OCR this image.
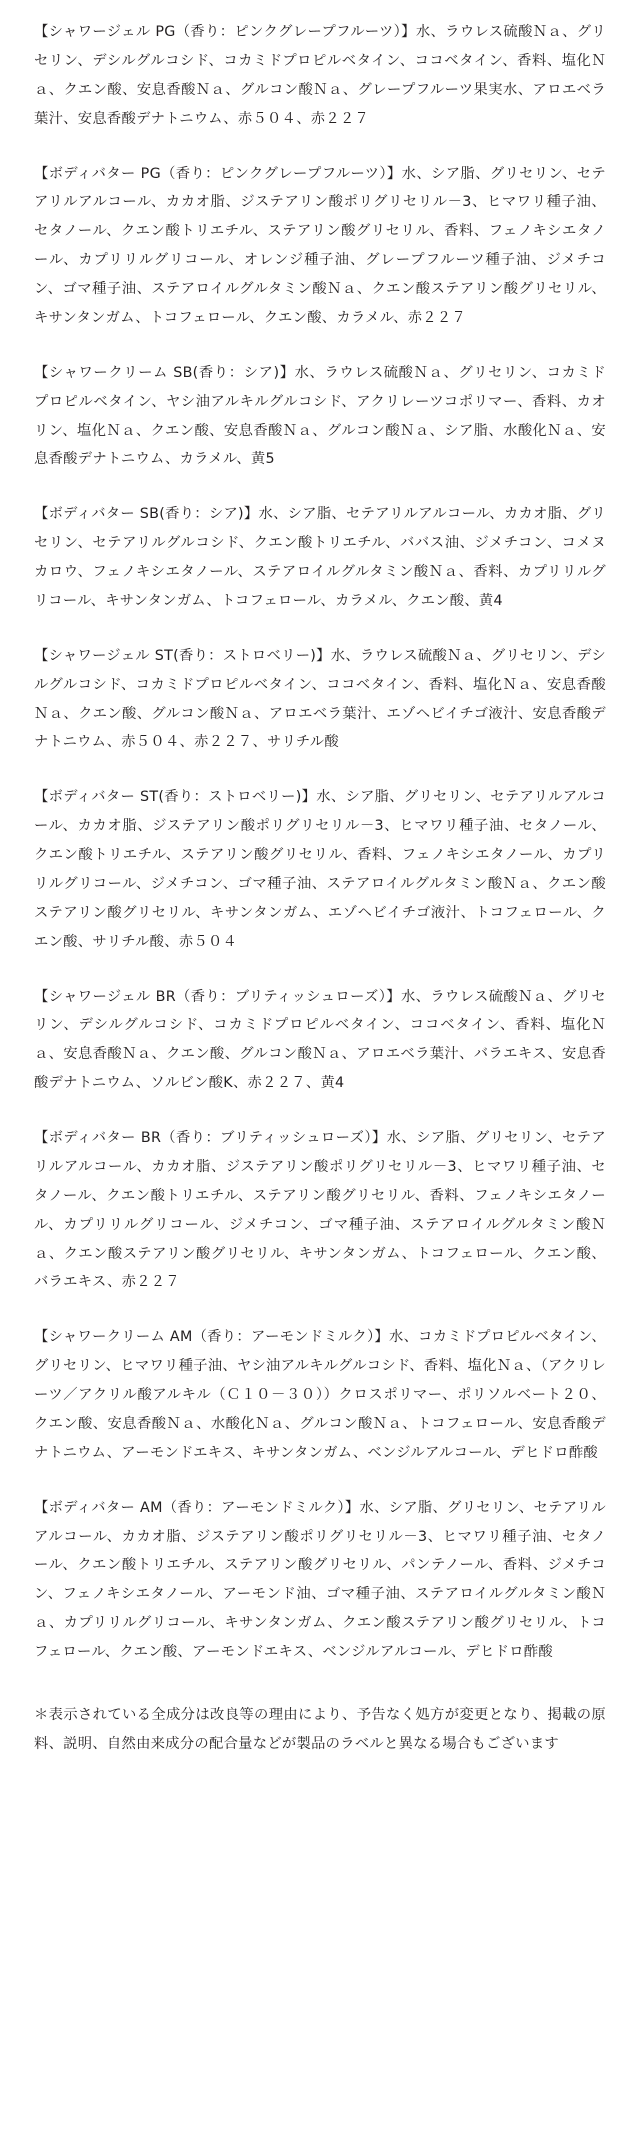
【シャワージェル PG（香り：ピンクグレープフルーツ）】水、ラウレス硫酸Ｎａ、グリセリン、デシルグルコシド、コカミドプロピルベタイン、ココベタイン、香料、塩化Ｎａ、クエン酸、安息香酸Ｎａ、グルコン酸Ｎａ、グレープフルーツ果実水、アロエベラ葉汁、安息香酸デナトニウム、赤５０４、赤２２７

【ボディバター PG（香り：ピンクグレープフルーツ）】水、シア脂、グリセリン、セテアリルアルコール、カカオ脂、ジステアリン酸ポリグリセリル－3、ヒマワリ種子油、セタノール、クエン酸トリエチル、ステアリン酸グリセリル、香料、フェノキシエタノール、カプリリルグリコール、オレンジ種子油、グレープフルーツ種子油、ジメチコン、ゴマ種子油、ステアロイルグルタミン酸Ｎａ、クエン酸ステアリン酸グリセリル、キサンタンガム、トコフェロール、クエン酸、カラメル、赤２２７

【シャワークリーム SB(香り：シア)】水、ラウレス硫酸Ｎａ、グリセリン、コカミドプロピルベタイン、ヤシ油アルキルグルコシド、アクリレーツコポリマー、香料、カオリン、塩化Ｎａ、クエン酸、安息香酸Ｎａ、グルコン酸Ｎａ、シア脂、水酸化Ｎａ、安息香酸デナトニウム、カラメル、黄5

【ボディバター SB(香り：シア)】水、シア脂、セテアリルアルコール、カカオ脂、グリセリン、セテアリルグルコシド、クエン酸トリエチル、ババス油、ジメチコン、コメヌカロウ、フェノキシエタノール、ステアロイルグルタミン酸Ｎａ、香料、カプリリルグリコール、キサンタンガム、トコフェロール、カラメル、クエン酸、黄4

【シャワージェル ST(香り：ストロベリー)】水、ラウレス硫酸Ｎａ、グリセリン、デシルグルコシド、コカミドプロピルベタイン、ココベタイン、香料、塩化Ｎａ、安息香酸Ｎａ、クエン酸、グルコン酸Ｎａ、アロエベラ葉汁、エゾヘビイチゴ液汁、安息香酸デナトニウム、赤５０４、赤２２７、サリチル酸

【ボディバター ST(香り：ストロベリー)】水、シア脂、グリセリン、セテアリルアルコール、カカオ脂、ジステアリン酸ポリグリセリル－3、ヒマワリ種子油、セタノール、クエン酸トリエチル、ステアリン酸グリセリル、香料、フェノキシエタノール、カプリリルグリコール、ジメチコン、ゴマ種子油、ステアロイルグルタミン酸Ｎａ、クエン酸ステアリン酸グリセリル、キサンタンガム、エゾヘビイチゴ液汁、トコフェロール、クエン酸、サリチル酸、赤５０４

【シャワージェル BR（香り：ブリティッシュローズ）】水、ラウレス硫酸Ｎａ、グリセリン、デシルグルコシド、コカミドプロピルベタイン、ココベタイン、香料、塩化Ｎａ、安息香酸Ｎａ、クエン酸、グルコン酸Ｎａ、アロエベラ葉汁、バラエキス、安息香酸デナトニウム、ソルビン酸K、赤２２７、黄4

【ボディバター BR（香り：ブリティッシュローズ）】水、シア脂、グリセリン、セテアリルアルコール、カカオ脂、ジステアリン酸ポリグリセリル－3、ヒマワリ種子油、セタノール、クエン酸トリエチル、ステアリン酸グリセリル、香料、フェノキシエタノール、カプリリルグリコール、ジメチコン、ゴマ種子油、ステアロイルグルタミン酸Ｎａ、クエン酸ステアリン酸グリセリル、キサンタンガム、トコフェロール、クエン酸、バラエキス、赤２２７

【シャワークリーム AM（香り：アーモンドミルク）】水、コカミドプロピルベタイン、グリセリン、ヒマワリ種子油、ヤシ油アルキルグルコシド、香料、塩化Ｎａ、（アクリレーツ／アクリル酸アルキル（Ｃ１０－３０））クロスポリマー、ポリソルベート２０、クエン酸、安息香酸Ｎａ、水酸化Ｎａ、グルコン酸Ｎａ、トコフェロール、安息香酸デナトニウム、アーモンドエキス、キサンタンガム、ベンジルアルコール、デヒドロ酢酸

【ボディバター AM（香り：アーモンドミルク）】水、シア脂、グリセリン、セテアリルアルコール、カカオ脂、ジステアリン酸ポリグリセリル－3、ヒマワリ種子油、セタノール、クエン酸トリエチル、ステアリン酸グリセリル、パンテノール、香料、ジメチコン、フェノキシエタノール、アーモンド油、ゴマ種子油、ステアロイルグルタミン酸Ｎａ、カプリリルグリコール、キサンタンガム、クエン酸ステアリン酸グリセリル、トコフェロール、クエン酸、アーモンドエキス、ベンジルアルコール、デヒドロ酢酸

＊表示されている全成分は改良等の理由により、予告なく処方が変更となり、掲載の原料、説明、自然由来成分の配合量などが製品のラベルと異なる場合もございます
